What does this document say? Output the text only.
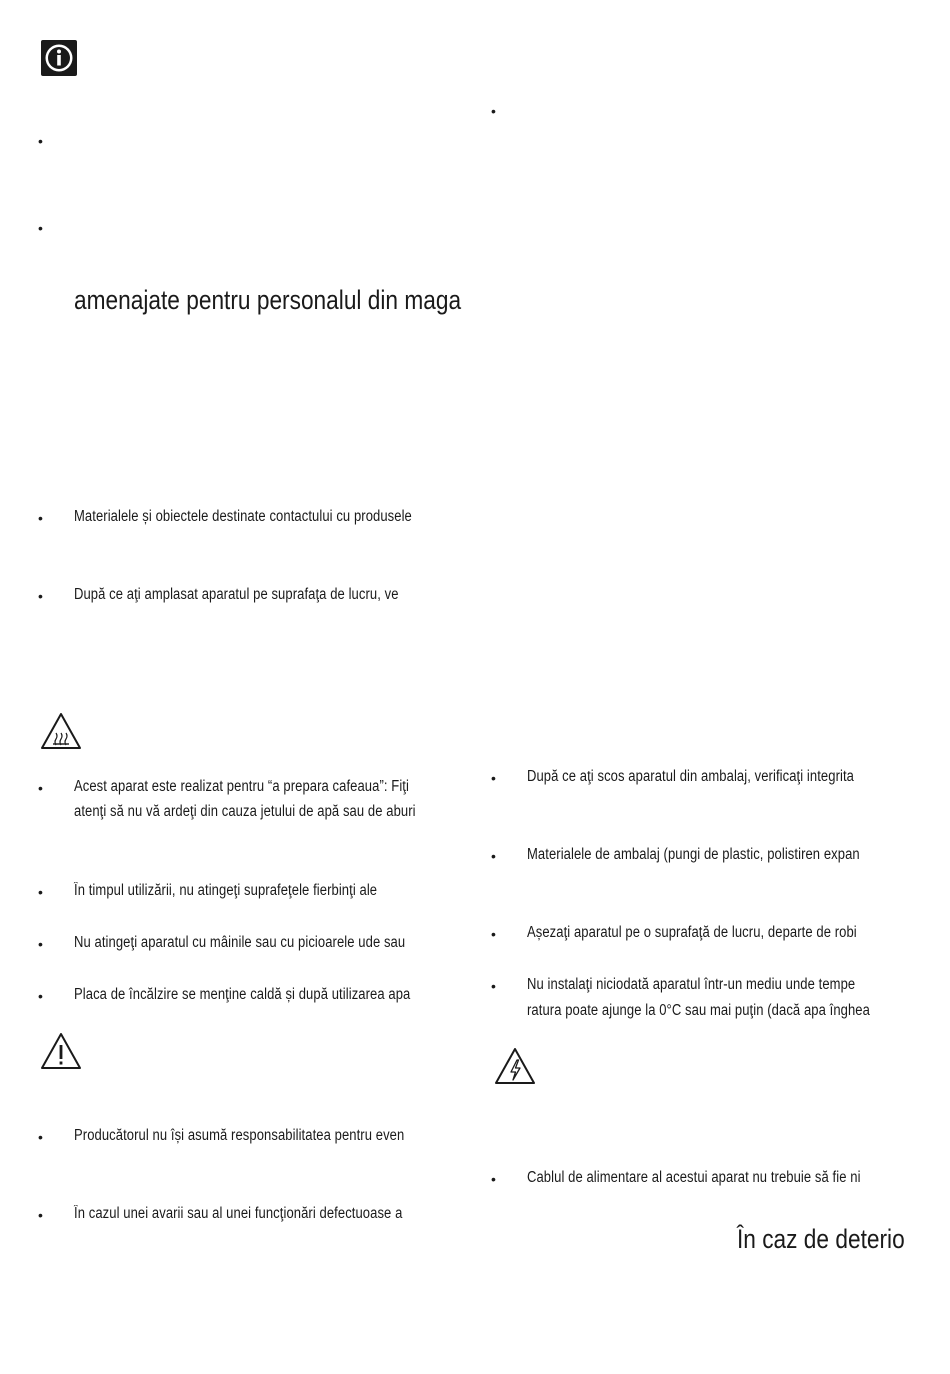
•
•
•
amenajate pentru personalul din maga
• Materialele și obiectele destinate contactului cu produsele
• După ce aţi amplasat aparatul pe suprafaţa de lucru, ve
• Acest aparat este realizat pentru “a prepara cafeaua”: Fiţi
atenţi să nu vă ardeţi din cauza jetului de apă sau de aburi
• În timpul utilizării, nu atingeţi suprafeţele fierbinţi ale
• Nu atingeţi aparatul cu mâinile sau cu picioarele ude sau
• Placa de încălzire se menţine caldă și după utilizarea apa
• Producătorul nu își asumă responsabilitatea pentru even
• În cazul unei avarii sau al unei funcţionări defectuoase a
• După ce aţi scos aparatul din ambalaj, verificaţi integrita
• Materialele de ambalaj (pungi de plastic, polistiren expan
• Așezaţi aparatul pe o suprafaţă de lucru, departe de robi
• Nu instalaţi niciodată aparatul într-un mediu unde tempe
ratura poate ajunge la 0°C sau mai puţin (dacă apa înghea
• Cablul de alimentare al acestui aparat nu trebuie să fie ni
În caz de deterio
